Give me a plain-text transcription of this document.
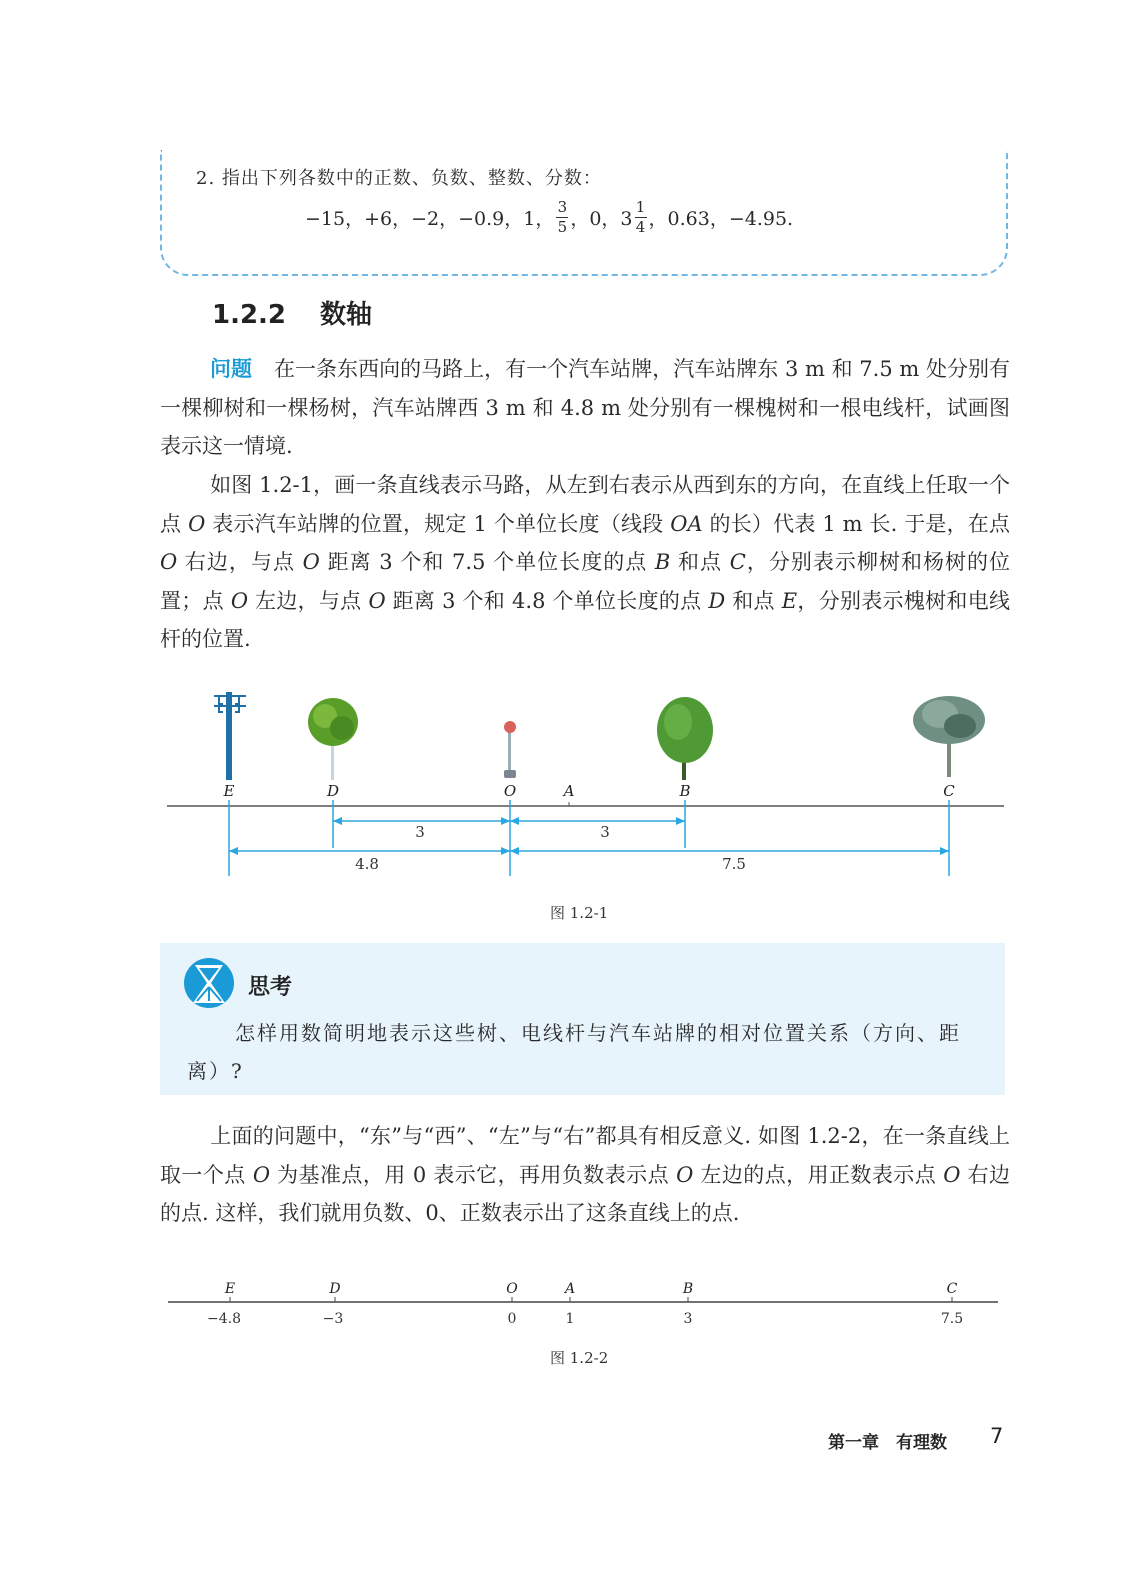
2. 指出下列各数中的正数、负数、整数、分数：
−15，+6，−2，−0.9，1， $\frac{3}{5}$ ，0，$3 \frac{1}{4}$ ，0.63，−4.95.
1.2.2 数轴
问题 在一条东西向的马路上，有一个汽车站牌，汽车站牌东 3 m 和 7.5 m 处分别有一棵柳树和一棵杨树，汽车站牌西 3 m 和 4.8 m 处分别有一棵槐树和一根电线杆，试画图表示这一情境.
如图 1.2-1，画一条直线表示马路，从左到右表示从西到东的方向，在直线上任取一个点 O 表示汽车站牌的位置，规定 1 个单位长度（线段 OA 的长）代表 1 m 长. 于是，在点 O 右边，与点 O 距离 3 个和 7.5 个单位长度的点 B 和点 C，分别表示柳树和杨树的位置；点 O 左边，与点 O 距离 3 个和 4.8 个单位长度的点 D 和点 E，分别表示槐树和电线杆的位置.
E	D	O	A	B	C
3	3
4.8	7.5
图 1.2-1
思考
怎样用数简明地表示这些树、电线杆与汽车站牌的相对位置关系（方向、距离）?
上面的问题中，“东”与“西”、“左”与“右”都具有相反意义. 如图 1.2-2，在一条直线上取一个点 O 为基准点，用 0 表示它，再用负数表示点 O 左边的点，用正数表示点 O 右边的点. 这样，我们就用负数、0、正数表示出了这条直线上的点.
E	D	O	A	B	C
−4.8	−3	0	1	3	7.5
图 1.2-2
第一章　有理数 7
